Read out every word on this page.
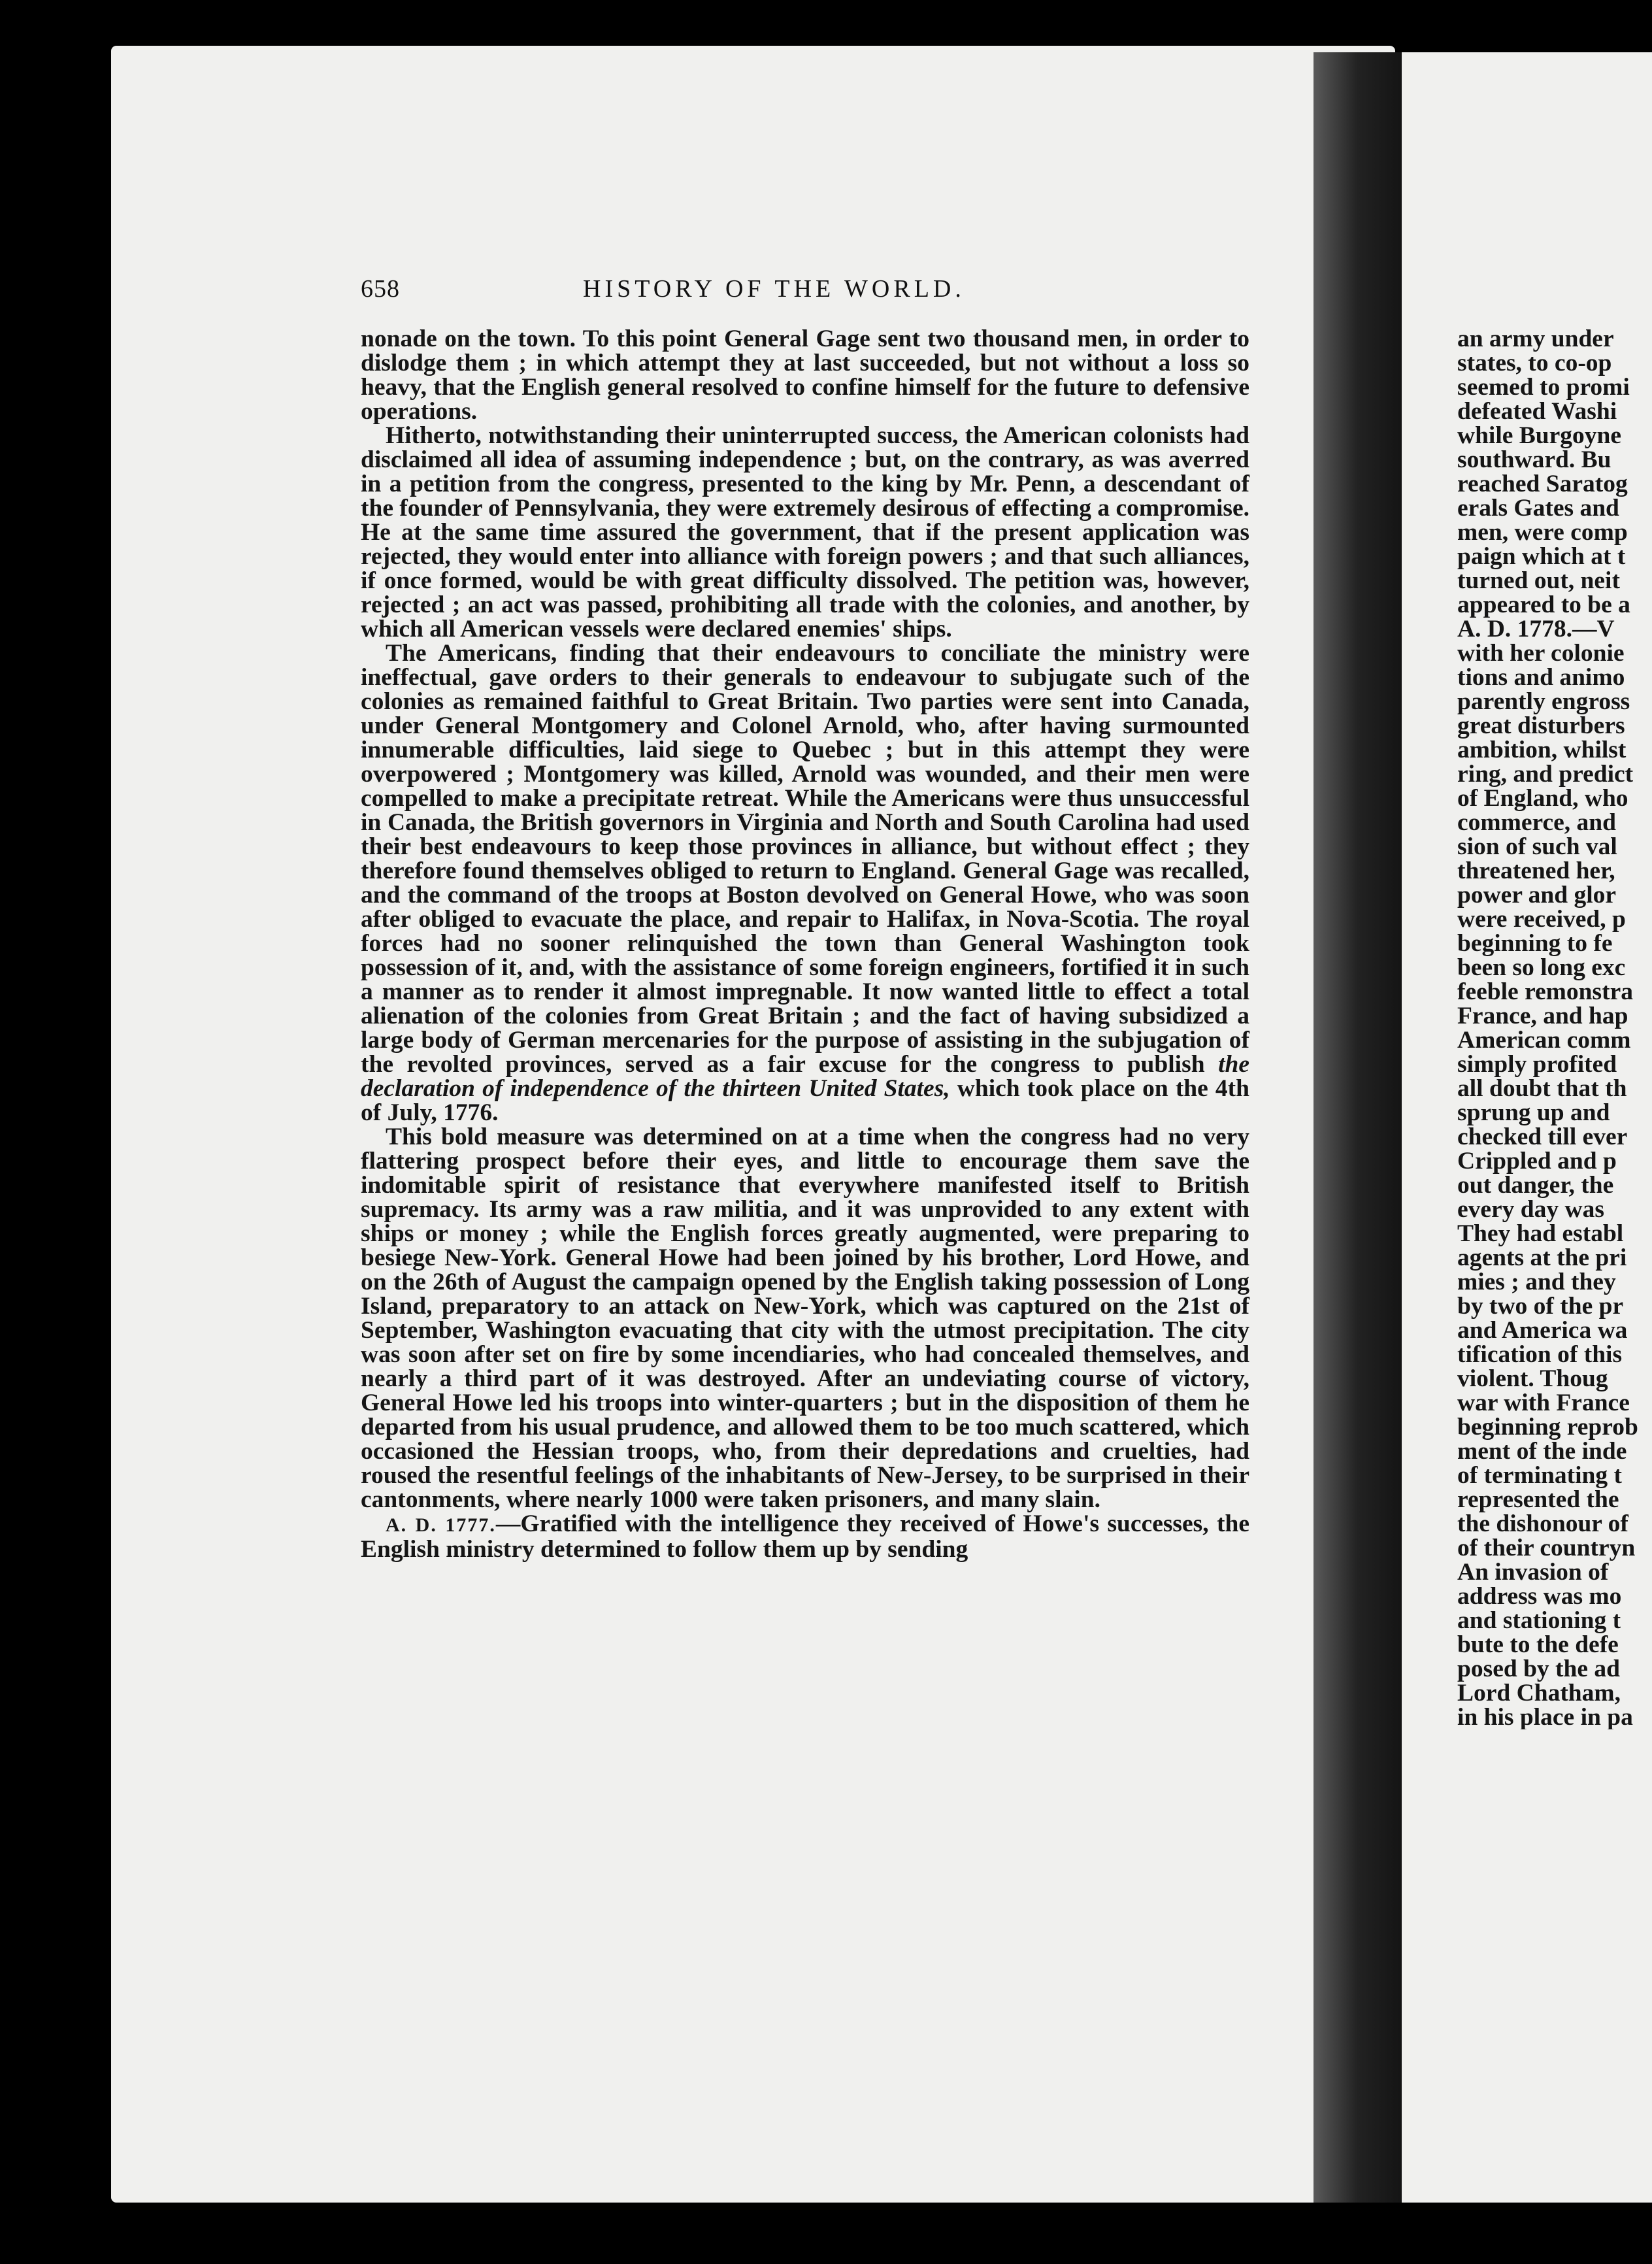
658	HISTORY OF THE WORLD.

nonade on the town. To this point General Gage sent two thousand men, in order to dislodge them ; in which attempt they at last succeeded, but not without a loss so heavy, that the English general resolved to confine himself for the future to defensive operations.

Hitherto, notwithstanding their uninterrupted success, the American colonists had disclaimed all idea of assuming independence ; but, on the contrary, as was averred in a petition from the congress, presented to the king by Mr. Penn, a descendant of the founder of Pennsylvania, they were extremely desirous of effecting a compromise. He at the same time assured the government, that if the present application was rejected, they would enter into alliance with foreign powers ; and that such alliances, if once formed, would be with great difficulty dissolved. The petition was, however, rejected ; an act was passed, prohibiting all trade with the colonies, and another, by which all American vessels were declared enemies' ships.

The Americans, finding that their endeavours to conciliate the ministry were ineffectual, gave orders to their generals to endeavour to subjugate such of the colonies as remained faithful to Great Britain. Two parties were sent into Canada, under General Montgomery and Colonel Arnold, who, after having surmounted innumerable difficulties, laid siege to Quebec ; but in this attempt they were overpowered ; Montgomery was killed, Arnold was wounded, and their men were compelled to make a precipitate retreat. While the Americans were thus unsuccessful in Canada, the British governors in Virginia and North and South Carolina had used their best endeavours to keep those provinces in alliance, but without effect ; they therefore found themselves obliged to return to England. General Gage was recalled, and the command of the troops at Boston devolved on General Howe, who was soon after obliged to evacuate the place, and repair to Halifax, in Nova-Scotia. The royal forces had no sooner relinquished the town than General Washington took possession of it, and, with the assistance of some foreign engineers, fortified it in such a manner as to render it almost impregnable. It now wanted little to effect a total alienation of the colonies from Great Britain ; and the fact of having subsidized a large body of German mercenaries for the purpose of assisting in the subjugation of the revolted provinces, served as a fair excuse for the congress to publish the declaration of independence of the thirteen United States, which took place on the 4th of July, 1776.

This bold measure was determined on at a time when the congress had no very flattering prospect before their eyes, and little to encourage them save the indomitable spirit of resistance that everywhere manifested itself to British supremacy. Its army was a raw militia, and it was unprovided to any extent with ships or money ; while the English forces greatly augmented, were preparing to besiege New-York. General Howe had been joined by his brother, Lord Howe, and on the 26th of August the campaign opened by the English taking possession of Long Island, preparatory to an attack on New-York, which was captured on the 21st of September, Washington evacuating that city with the utmost precipitation. The city was soon after set on fire by some incendiaries, who had concealed themselves, and nearly a third part of it was destroyed. After an undeviating course of victory, General Howe led his troops into winter-quarters ; but in the disposition of them he departed from his usual prudence, and allowed them to be too much scattered, which occasioned the Hessian troops, who, from their depredations and cruelties, had roused the resentful feelings of the inhabitants of New-Jersey, to be surprised in their cantonments, where nearly 1000 were taken prisoners, and many slain.

A. D. 1777.—Gratified with the intelligence they received of Howe's successes, the English ministry determined to follow them up by sending

an army under
states, to co-op
seemed to promi
defeated Washi
while Burgoyne
southward. Bu
reached Saratog
erals Gates and
men, were comp
paign which at t
turned out, neit
appeared to be a
A. D. 1778.—V
with her colonie
tions and animo
parently engross
great disturbers
ambition, whilst
ring, and predict
of England, who
commerce, and
sion of such val
threatened her,
power and glor
were received, p
beginning to fe
been so long exc
feeble remonstra
France, and hap
American comm
simply profited
all doubt that th
sprung up and
checked till ever
Crippled and p
out danger, the
every day was
They had establ
agents at the pri
mies ; and they
by two of the pr
and America wa
tification of this
violent. Thoug
war with France
beginning reprob
ment of the inde
of terminating t
represented the
the dishonour of
of their countryn
An invasion of
address was mo
and stationing t
bute to the defe
posed by the ad
Lord Chatham,
in his place in pa
